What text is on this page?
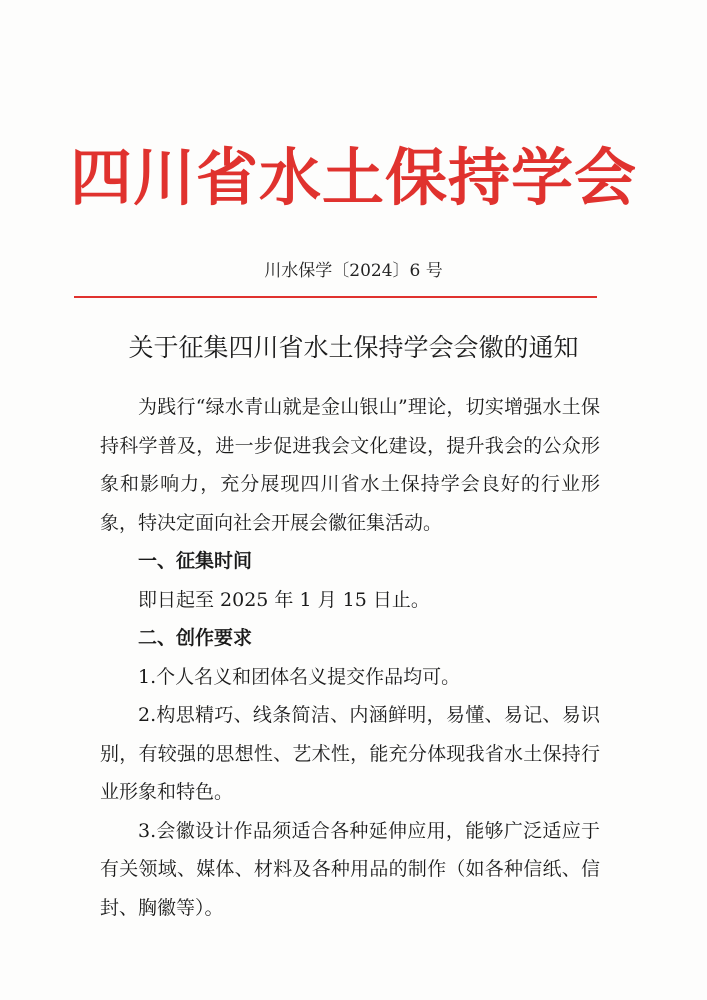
四川省水土保持学会
川水保学〔2024〕6 号
关于征集四川省水土保持学会会徽的通知

为践行“绿水青山就是金山银山”理论，切实增强水土保持科学普及，进一步促进我会文化建设，提升我会的公众形象和影响力，充分展现四川省水土保持学会良好的行业形象，特决定面向社会开展会徽征集活动。

一、征集时间

即日起至 2025 年 1 月 15 日止。

二、创作要求

1.个人名义和团体名义提交作品均可。

2.构思精巧、线条简洁、内涵鲜明，易懂、易记、易识别，有较强的思想性、艺术性，能充分体现我省水土保持行业形象和特色。

3.会徽设计作品须适合各种延伸应用，能够广泛适应于有关领域、媒体、材料及各种用品的制作（如各种信纸、信封、胸徽等）。
